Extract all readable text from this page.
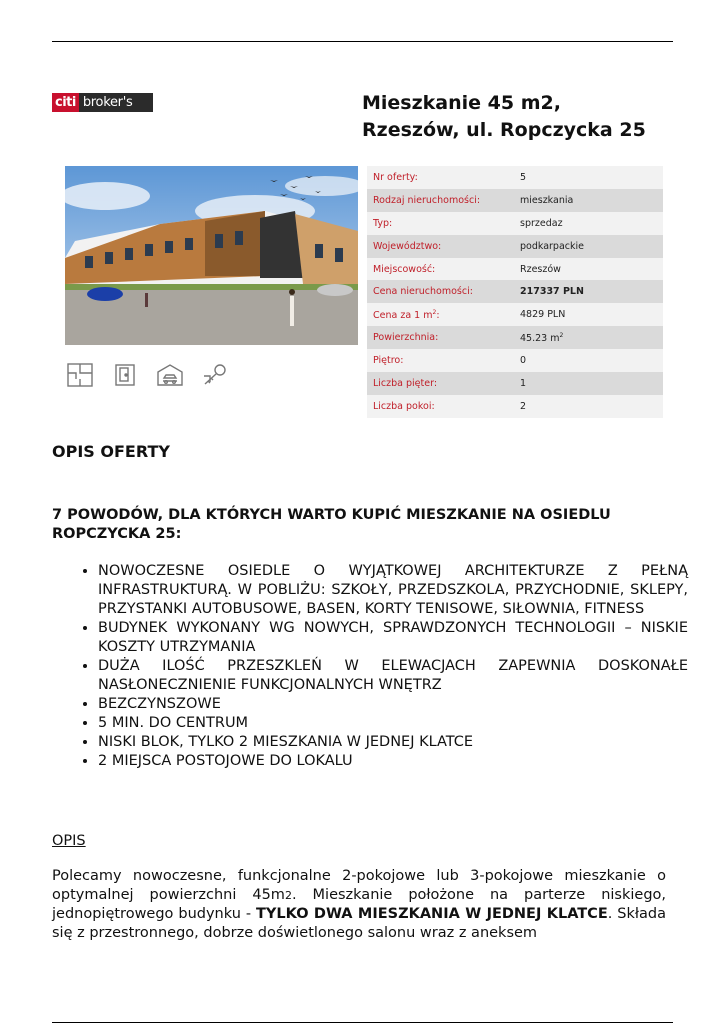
citi broker's	Mieszkanie 45 m2,
Rzeszów, ul. Ropczycka 25
Nr oferty:	5
Rodzaj nieruchomości:	mieszkania
Typ:	sprzedaz
Województwo:	podkarpackie
Miejscowość:	Rzeszów
Cena nieruchomości:	217337 PLN
Cena za 1 $m^2$:	4829 PLN
Powierzchnia:	45.23 $m^2$
Piętro:	0
Liczba pięter:	1
Liczba pokoi:	2
OPIS OFERTY
7 POWODÓW, DLA KTÓRYCH WARTO KUPIĆ MIESZKANIE NA OSIEDLU ROPCZYCKA 25:
• NOWOCZESNE OSIEDLE O WYJĄTKOWEJ ARCHITEKTURZE Z PEŁNĄ INFRASTRUKTURĄ. W POBLIŻU: SZKOŁY, PRZEDSZKOLA, PRZYCHODNIE, SKLEPY, PRZYSTANKI AUTOBUSOWE, BASEN, KORTY TENISOWE, SIŁOWNIA, FITNESS
• BUDYNEK WYKONANY WG NOWYCH, SPRAWDZONYCH TECHNOLOGII – NISKIE KOSZTY UTRZYMANIA
• DUŻA ILOŚĆ PRZESZKLEŃ W ELEWACJACH ZAPEWNIA DOSKONAŁE NASŁONECZNIENIE FUNKCJONALNYCH WNĘTRZ
• BEZCZYNSZOWE
• 5 MIN. DO CENTRUM
• NISKI BLOK, TYLKO 2 MIESZKANIA W JEDNEJ KLATCE
• 2 MIEJSCA POSTOJOWE DO LOKALU
OPIS

Polecamy nowoczesne, funkcjonalne 2-pokojowe lub 3-pokojowe mieszkanie o optymalnej powierzchni 45m2. Mieszkanie położone na parterze niskiego, jednopiętrowego budynku - TYLKO DWA MIESZKANIA W JEDNEJ KLATCE. Składa się z przestronnego, dobrze doświetlonego salonu wraz z aneksem
